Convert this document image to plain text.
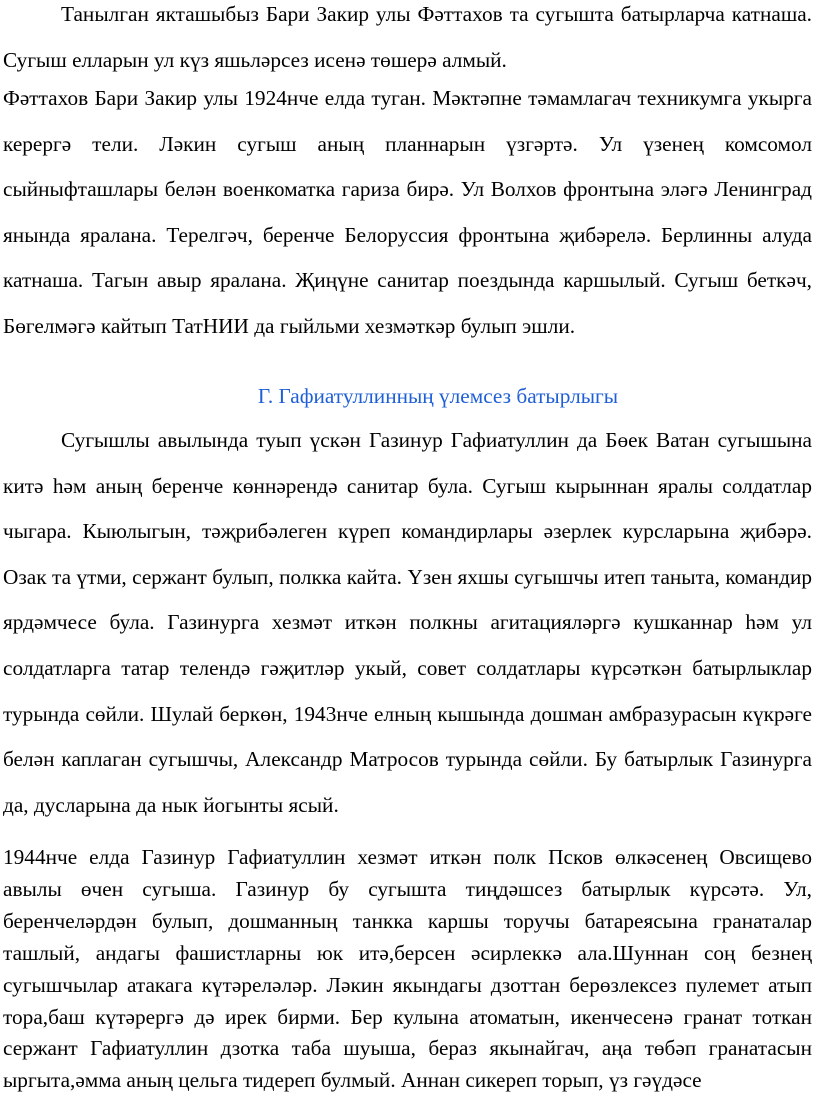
Танылган якташыбыз Бари Закир улы Фәттахов та сугышта батырларча катнаша. Сугыш елларын ул күз яшьләрсез исенә төшерә алмый.

Фәттахов Бари Закир улы 1924нче елда туган. Мәктәпне тәмамлагач техникумга укырга керергә тели. Ләкин сугыш аның планнарын үзгәртә. Ул үзенең комсомол сыйныфташлары белән военкоматка гариза бирә. Ул Волхов фронтына эләгә Ленинград янында яралана. Терелгәч, беренче Белоруссия фронтына җибәрелә. Берлинны алуда катнаша. Тагын авыр яралана. Җиңүне санитар поездында каршылый. Сугыш беткәч, Бөгелмәгә кайтып ТатНИИ да гыйльми хезмәткәр булып эшли.

Г. Гафиатуллинның үлемсез батырлыгы

Сугышлы авылында туып үскән Газинур Гафиатуллин да Бөек Ватан сугышына китә һәм аның беренче көннәрендә санитар була. Сугыш кырыннан яралы солдатлар чыгара. Кыюлыгын, тәҗрибәлеген күреп командирлары әзерлек курсларына җибәрә. Озак та үтми, сержант булып, полкка кайта. Үзен яхшы сугышчы итеп таныта, командир ярдәмчесе була. Газинурга хезмәт иткән полкны агитацияләргә кушканнар һәм ул солдатларга татар телендә гәҗитләр укый, совет солдатлары күрсәткән батырлыклар турында сөйли. Шулай беркөн, 1943нче елның кышында дошман амбразурасын күкрәге белән каплаган сугышчы, Александр Матросов турында сөйли. Бу батырлык Газинурга да, дусларына да нык йогынты ясый.

1944нче елда Газинур Гафиатуллин хезмәт иткән полк Псков өлкәсенең Овсищево авылы өчен сугыша. Газинур бу сугышта тиңдәшсез батырлык күрсәтә. Ул, беренчеләрдән булып, дошманның танкка каршы торучы батареясына гранаталар ташлый, андагы фашистларны юк итә,берсен әсирлеккә ала.Шуннан соң безнең сугышчылар атакага күтәреләләр. Ләкин якындагы дзоттан берөзлексез пулемет атып тора,баш күтәрергә дә ирек бирми. Бер кулына атоматын, икенчесенә гранат тоткан сержант Гафиатуллин дзотка таба шуыша, бераз якынайгач, аңа төбәп гранатасын ыргыта,әмма аның цельга тидереп булмый. Аннан сикереп торып, үз гәүдәсе
